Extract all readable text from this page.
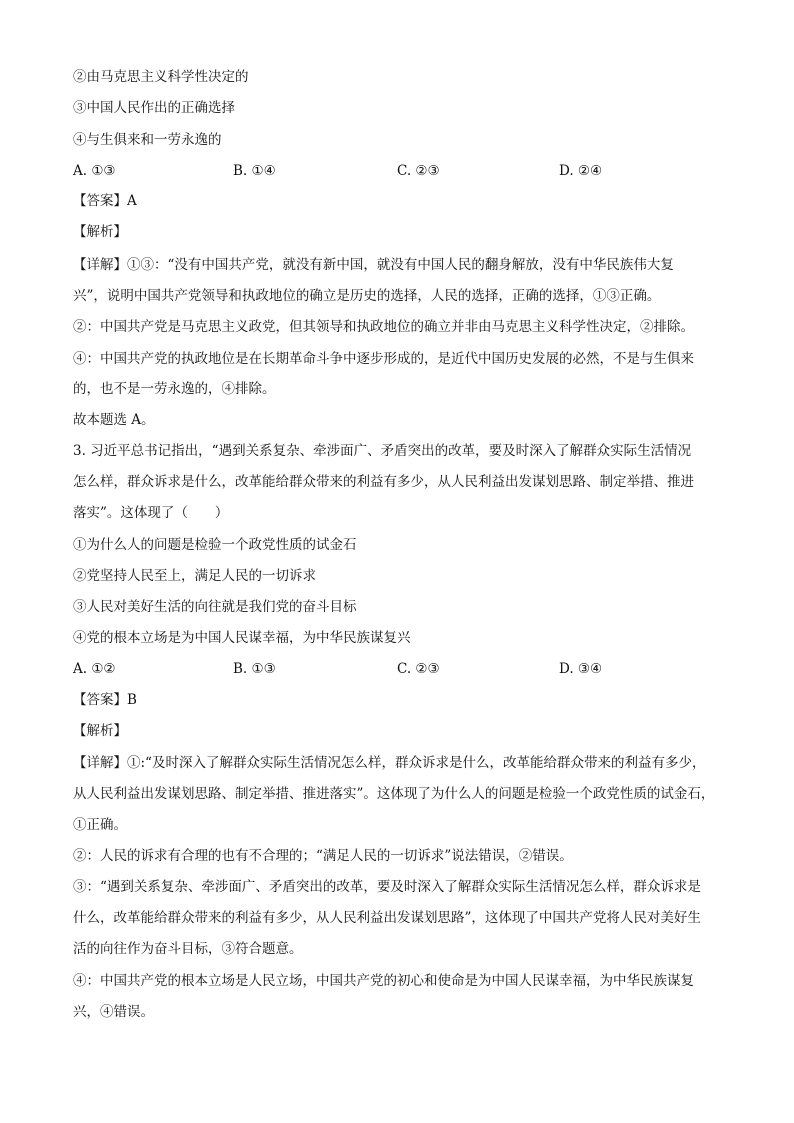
②由马克思主义科学性决定的
③中国人民作出的正确选择
④与生俱来和一劳永逸的
A. ①③	B. ①④	C. ②③	D. ②④
【答案】A
【解析】
【详解】①③：“没有中国共产党，就没有新中国，就没有中国人民的翻身解放，没有中华民族伟大复
兴”，说明中国共产党领导和执政地位的确立是历史的选择，人民的选择，正确的选择，①③正确。
②：中国共产党是马克思主义政党，但其领导和执政地位的确立并非由马克思主义科学性决定，②排除。
④：中国共产党的执政地位是在长期革命斗争中逐步形成的，是近代中国历史发展的必然，不是与生俱来
的，也不是一劳永逸的，④排除。
故本题选 A。
3. 习近平总书记指出，“遇到关系复杂、牵涉面广、矛盾突出的改革，要及时深入了解群众实际生活情况
怎么样，群众诉求是什么，改革能给群众带来的利益有多少，从人民利益出发谋划思路、制定举措、推进
落实”。这体现了（　　）
①为什么人的问题是检验一个政党性质的试金石
②党坚持人民至上，满足人民的一切诉求
③人民对美好生活的向往就是我们党的奋斗目标
④党的根本立场是为中国人民谋幸福，为中华民族谋复兴
A. ①②	B. ①③	C. ②③	D. ③④
【答案】B
【解析】
【详解】①:“及时深入了解群众实际生活情况怎么样，群众诉求是什么，改革能给群众带来的利益有多少，
从人民利益出发谋划思路、制定举措、推进落实”。这体现了为什么人的问题是检验一个政党性质的试金石，
①正确。
②：人民的诉求有合理的也有不合理的；“满足人民的一切诉求”说法错误，②错误。
③：“遇到关系复杂、牵涉面广、矛盾突出的改革，要及时深入了解群众实际生活情况怎么样，群众诉求是
什么，改革能给群众带来的利益有多少，从人民利益出发谋划思路”，这体现了中国共产党将人民对美好生
活的向往作为奋斗目标，③符合题意。
④：中国共产党的根本立场是人民立场，中国共产党的初心和使命是为中国人民谋幸福，为中华民族谋复
兴，④错误。
